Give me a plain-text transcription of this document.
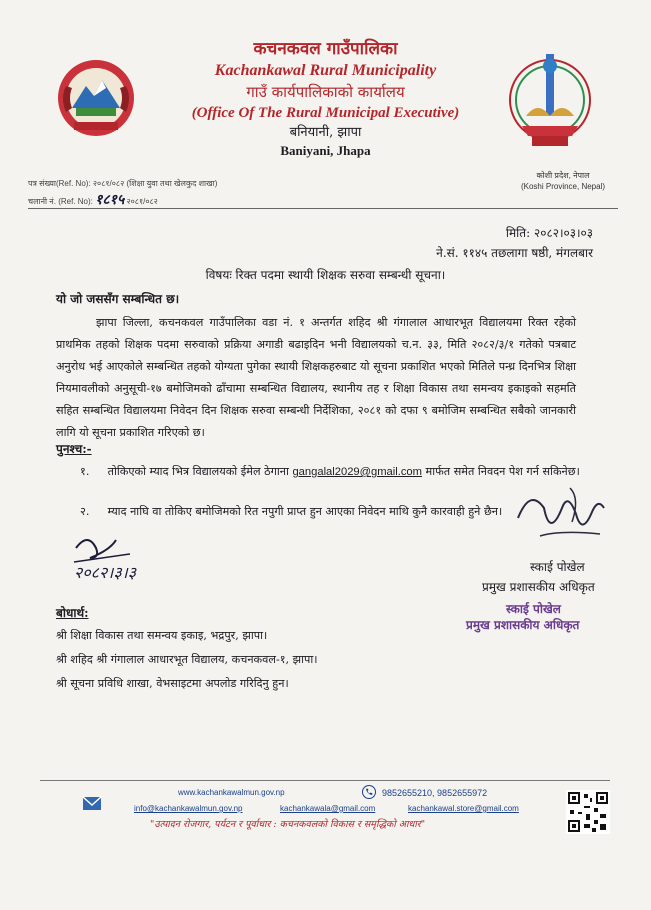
कचनकवल गाउँपालिका
Kachankawal Rural Municipality
गाउँ कार्यपालिकाको कार्यालय
(Office Of The Rural Municipal Executive)
बनियानी, झापा
Baniyani, Jhapa
कोशी प्रदेश, नेपाल
(Koshi Province, Nepal)
पत्र संख्या(Ref. No): २०८१/०८२ (शिक्षा युवा तथा खेलकुद शाखा)
चलानी नं. (Ref. No): १८१५ २०८१/०८२
मिति: २०८२।०३।०३
ने.सं. ११४५ तछलागा षष्ठी, मंगलबार
विषयः रिक्त पदमा स्थायी शिक्षक सरुवा सम्बन्धी सूचना।
यो जो जससँग सम्बन्धित छ।
झापा जिल्ला, कचनकवल गाउँपालिका वडा नं. १ अन्तर्गत शहिद श्री गंगालाल आधारभूत विद्यालयमा रिक्त रहेको प्राथमिक तहको शिक्षक पदमा सरुवाको प्रक्रिया अगाडी बढाइदिन भनी विद्यालयको च.न. ३३, मिति २०८२/३/१ गतेको पत्रबाट अनुरोध भई आएकोले सम्बन्धित तहको योग्यता पुगेका स्थायी शिक्षकहरुबाट यो सूचना प्रकाशित भएको मितिले पन्ध्र दिनभित्र शिक्षा नियमावलीको अनुसूची-१७ बमोजिमको ढाँचामा सम्बन्धित विद्यालय, स्थानीय तह र शिक्षा विकास तथा समन्वय इकाइको सहमति सहित सम्बन्धित विद्यालयमा निवेदन दिन शिक्षक सरुवा सम्बन्धी निर्देशिका, २०८१ को दफा ९ बमोजिम सम्बन्धित सबैको जानकारी लागि यो सूचना प्रकाशित गरिएको छ।
पुनश्च:-
१. तोकिएको म्याद भित्र विद्यालयको ईमेल ठेगाना gangalal2029@gmail.com मार्फत समेत निवदन पेश गर्न सकिनेछ।
२. म्याद नाघि वा तोकिए बमोजिमको रित नपुगी प्राप्त हुन आएका निवेदन माथि कुनै कारवाही हुने छैन।
स्काई पोखेल
प्रमुख प्रशासकीय अधिकृत
स्काई पोखेल
प्रमुख प्रशासकीय अधिकृत
२०८२।३।३
बोधार्थ:
श्री शिक्षा विकास तथा समन्वय इकाइ, भद्रपुर, झापा।
श्री शहिद श्री गंगालाल आधारभूत विद्यालय, कचनकवल-१, झापा।
श्री सूचना प्रविधि शाखा, वेभसाइटमा अपलोड गरिदिनु हुन।
www.kachankawalmun.gov.np	9852655210, 9852655972
info@kachankawalmun.gov.np	kachankawala@gmail.com	kachankawal.store@gmail.com
"उत्पादन रोजगार, पर्यटन र पूर्वाधार : कचनकवलको विकास र समृद्धिको आधार"
